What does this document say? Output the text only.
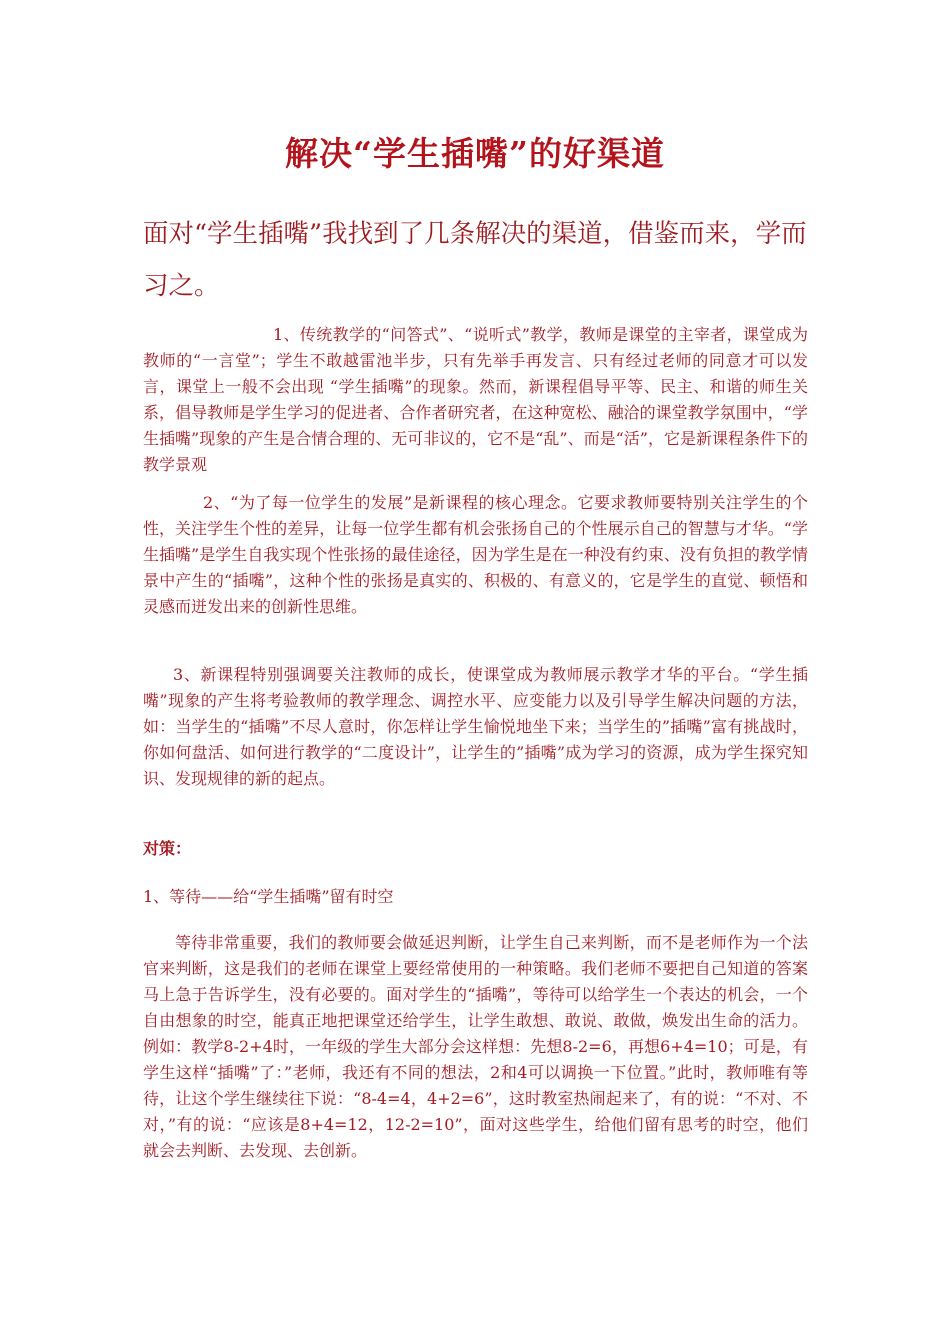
解决“学生插嘴”的好渠道

面对“学生插嘴”我找到了几条解决的渠道，借鉴而来，学而习之。

1、传统教学的“问答式”、“说听式”教学，教师是课堂的主宰者，课堂成为教师的“一言堂”；学生不敢越雷池半步，只有先举手再发言、只有经过老师的同意才可以发言，课堂上一般不会出现 “学生插嘴”的现象。然而，新课程倡导平等、民主、和谐的师生关系，倡导教师是学生学习的促进者、合作者研究者，在这种宽松、融洽的课堂教学氛围中，“学生插嘴”现象的产生是合情合理的、无可非议的，它不是“乱”、而是“活”，它是新课程条件下的教学景观

2、“为了每一位学生的发展”是新课程的核心理念。它要求教师要特别关注学生的个性，关注学生个性的差异，让每一位学生都有机会张扬自己的个性展示自己的智慧与才华。“学生插嘴”是学生自我实现个性张扬的最佳途径，因为学生是在一种没有约束、没有负担的教学情景中产生的“插嘴”，这种个性的张扬是真实的、积极的、有意义的，它是学生的直觉、顿悟和灵感而迸发出来的创新性思维。

3、新课程特别强调要关注教师的成长，使课堂成为教师展示教学才华的平台。“学生插嘴”现象的产生将考验教师的教学理念、调控水平、应变能力以及引导学生解决问题的方法，如：当学生的“插嘴”不尽人意时，你怎样让学生愉悦地坐下来；当学生的”插嘴”富有挑战时，你如何盘活、如何进行教学的“二度设计”，让学生的”插嘴”成为学习的资源，成为学生探究知识、发现规律的新的起点。

对策：

1、等待——给“学生插嘴”留有时空

等待非常重要，我们的教师要会做延迟判断，让学生自己来判断，而不是老师作为一个法官来判断，这是我们的老师在课堂上要经常使用的一种策略。我们老师不要把自己知道的答案马上急于告诉学生，没有必要的。面对学生的“插嘴”，等待可以给学生一个表达的机会，一个自由想象的时空，能真正地把课堂还给学生，让学生敢想、敢说、敢做，焕发出生命的活力。例如：教学8-2+4时，一年级的学生大部分会这样想：先想8-2=6，再想6+4=10；可是，有学生这样“插嘴”了：”老师，我还有不同的想法，2和4可以调换一下位置。”此时，教师唯有等待，让这个学生继续往下说：“8-4=4，4+2=6”，这时教室热闹起来了，有的说：“不对、不对，”有的说：“应该是8+4=12，12-2=10”，面对这些学生，给他们留有思考的时空，他们就会去判断、去发现、去创新。
